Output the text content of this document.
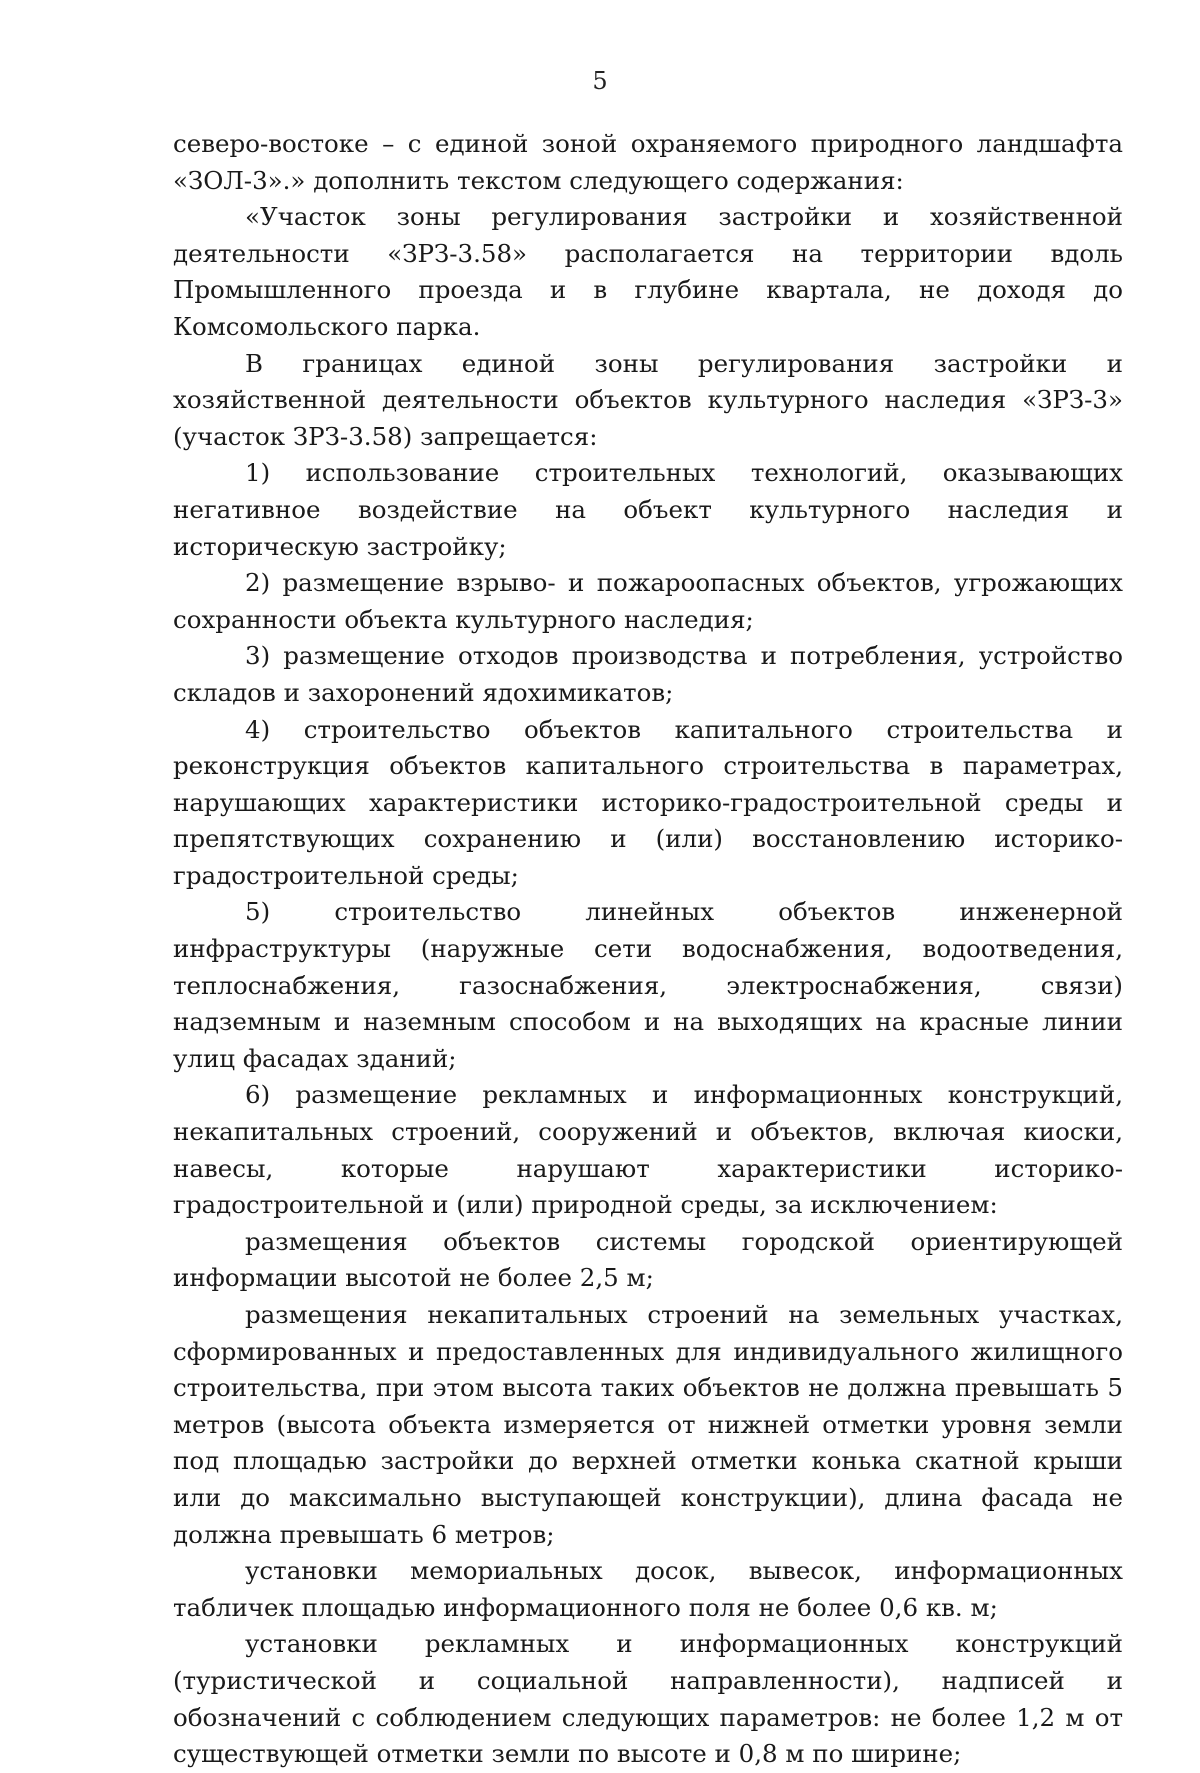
5

северо-востоке – с единой зоной охраняемого природного ландшафта «ЗОЛ-3».» дополнить текстом следующего содержания:

«Участок зоны регулирования застройки и хозяйственной деятельности «ЗРЗ-3.58» располагается на территории вдоль Промышленного проезда и в глубине квартала, не доходя до Комсомольского парка.

В границах единой зоны регулирования застройки и хозяйственной деятельности объектов культурного наследия «ЗРЗ-3» (участок ЗРЗ-3.58) запрещается:

1) использование строительных технологий, оказывающих негативное воздействие на объект культурного наследия и историческую застройку;

2) размещение взрыво- и пожароопасных объектов, угрожающих сохранности объекта культурного наследия;

3) размещение отходов производства и потребления, устройство складов и захоронений ядохимикатов;

4) строительство объектов капитального строительства и реконструкция объектов капитального строительства в параметрах, нарушающих характеристики историко-градостроительной среды и препятствующих сохранению и (или) восстановлению историко-градостроительной среды;

5) строительство линейных объектов инженерной инфраструктуры (наружные сети водоснабжения, водоотведения, теплоснабжения, газоснабжения, электроснабжения, связи) надземным и наземным способом и на выходящих на красные линии улиц фасадах зданий;

6) размещение рекламных и информационных конструкций, некапитальных строений, сооружений и объектов, включая киоски, навесы, которые нарушают характеристики историко-градостроительной и (или) природной среды, за исключением:

размещения объектов системы городской ориентирующей информации высотой не более 2,5 м;

размещения некапитальных строений на земельных участках, сформированных и предоставленных для индивидуального жилищного строительства, при этом высота таких объектов не должна превышать 5 метров (высота объекта измеряется от нижней отметки уровня земли под площадью застройки до верхней отметки конька скатной крыши или до максимально выступающей конструкции), длина фасада не должна превышать 6 метров;

установки мемориальных досок, вывесок, информационных табличек площадью информационного поля не более 0,6 кв. м;

установки рекламных и информационных конструкций (туристической и социальной направленности), надписей и обозначений с соблюдением следующих параметров: не более 1,2 м от существующей отметки земли по высоте и 0,8 м по ширине;
